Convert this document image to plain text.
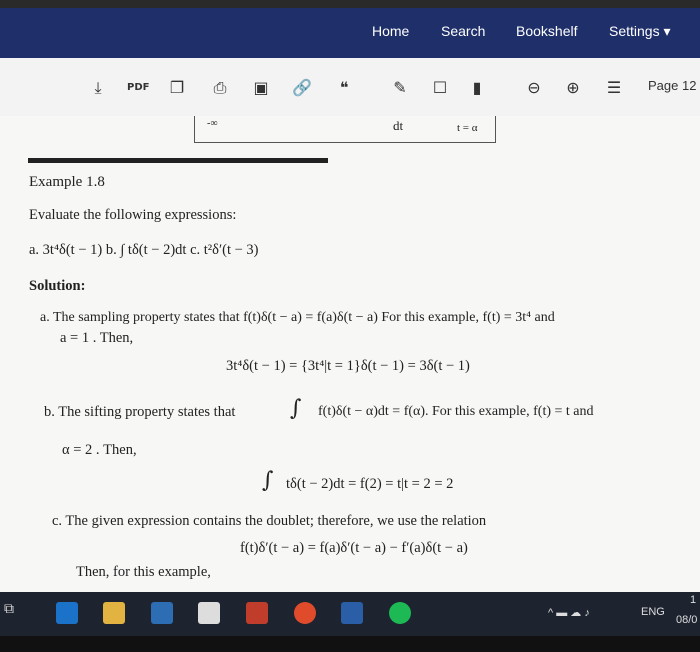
Home Search Bookshelf Settings ▾
⤓	PDF ❐ ⎙ ▣ 🔗	❝	✎ ☐	▮	⊖ ⊕ ☰ Page 12
-∞	dt	t = α
Example 1.8
Evaluate the following expressions:
a. 3t⁴δ(t − 1) b. ∫ tδ(t − 2)dt c. t²δ′(t − 3)
Solution:
a. The sampling property states that f(t)δ(t − a) = f(a)δ(t − a) For this example, f(t) = 3t⁴ and
a = 1 . Then,
3t⁴δ(t − 1) = {3t⁴|t = 1}δ(t − 1) = 3δ(t − 1)
b. The sifting property states that ∫ f(t)δ(t − α)dt = f(α). For this example, f(t) = t and
α = 2 . Then,
∫ tδ(t − 2)dt = f(2) = t|t = 2 = 2
c. The given expression contains the doublet; therefore, we use the relation
f(t)δ′(t − a) = f(a)δ′(t − a) − f′(a)δ(t − a)
Then, for this example,
⧉	^ ▬ ☁ ♪	ENG
1
08/0
